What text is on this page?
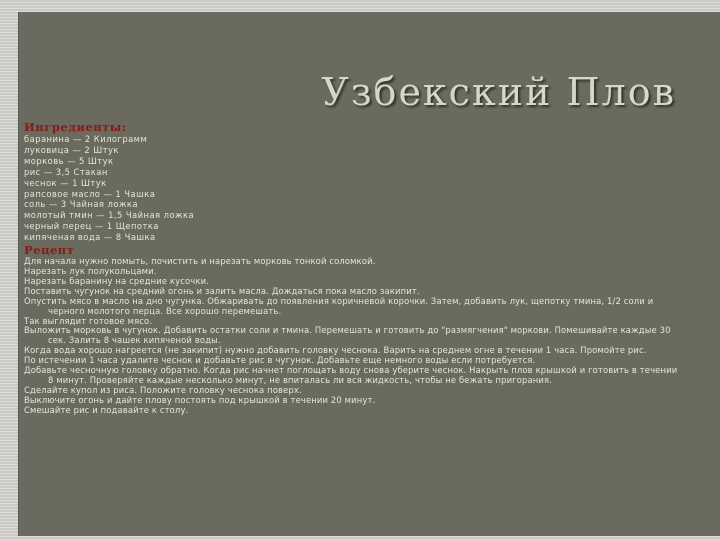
Узбекский Плов
Ингредиенты:
баранина — 2 Килограмм
луковица — 2 Штук
морковь — 5 Штук
рис — 3,5 Стакан
чеснок — 1 Штук
рапсовое масло — 1 Чашка
соль — 3 Чайная ложка
молотый тмин — 1,5 Чайная ложка
черный перец — 1 Щепотка
кипяченая вода — 8 Чашка
Рецепт
Для начала нужно помыть, почистить и нарезать морковь тонкой соломкой.
Нарезать лук полукольцами.
Нарезать баранину на средние кусочки.
Поставить чугунок на средний огонь и залить масла. Дождаться пока масло закипит.
Опустить мясо в масло на дно чугунка. Обжаривать до появления коричневой корочки. Затем, добавить лук, щепотку тмина, 1/2 соли и черного молотого перца. Все хорошо перемешать.
Так выглядит готовое мясо.
Выложить морковь в чугунок. Добавить остатки соли и тмина. Перемешать и готовить до "размягчения" моркови. Помешивайте каждые 30 сек. Залить 8 чашек кипяченой воды.
Когда вода хорошо нагреется (не закипит) нужно добавить головку чеснока. Варить на среднем огне в течении 1 часа. Промойте рис.
По истечении 1 часа удалите чеснок и добавьте рис в чугунок. Добавьте еще немного воды если потребуется.
Добавьте чесночную головку обратно. Когда рис начнет поглощать воду снова уберите чеснок. Накрыть плов крышкой и готовить в течении 8 минут. Проверяйте каждые несколько минут, не впиталась ли вся жидкость, чтобы не бежать пригорания.
Сделайте купол из риса. Положите головку чеснока поверх.
Выключите огонь и дайте плову постоять под крышкой в течении 20 минут.
Смешайте рис и подавайте к столу.
